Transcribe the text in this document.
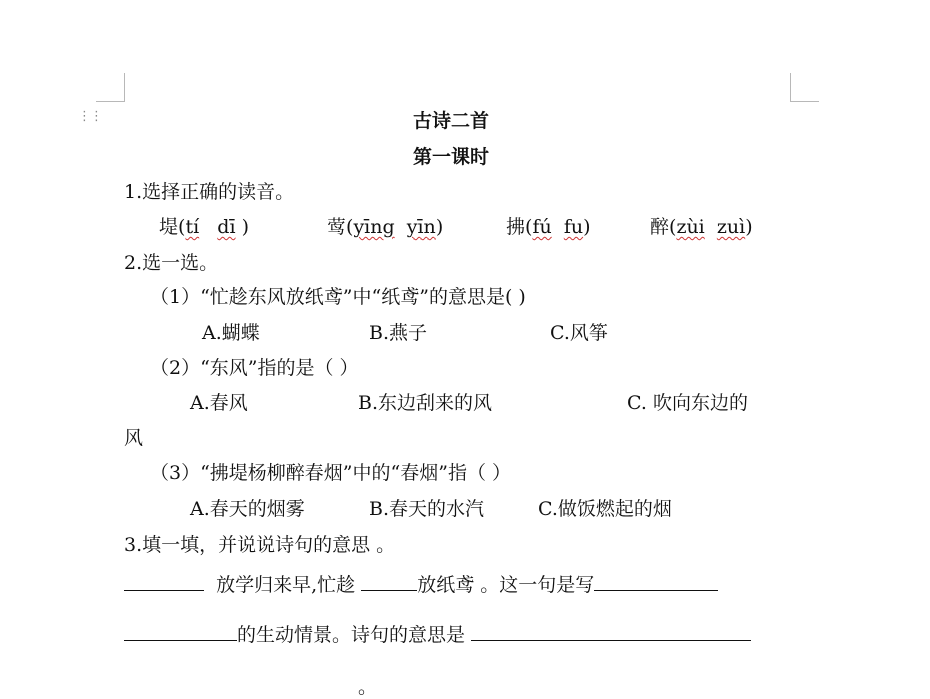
⋮⋮	古诗二首
第一课时
1.选择正确的读音。
堤(tí dī )	莺(yīng yīn)	拂(fú fu)	醉(zùi zuì)
2.选一选。
（1）“忙趁东风放纸鸢”中“纸鸢”的意思是( )
A.蝴蝶	B.燕子	C.风筝
（2）“东风”指的是（ ）
A.春风	B.东边刮来的风	C. 吹向东边的
风
（3）“拂堤杨柳醉春烟”中的“春烟”指（ ）
A.春天的烟雾	B.春天的水汽	C.做饭燃起的烟
3.填一填，并说说诗句的意思 。
放学归来早,忙趁	放纸鸢 。这一句是写
的生动情景。诗句的意思是
。
